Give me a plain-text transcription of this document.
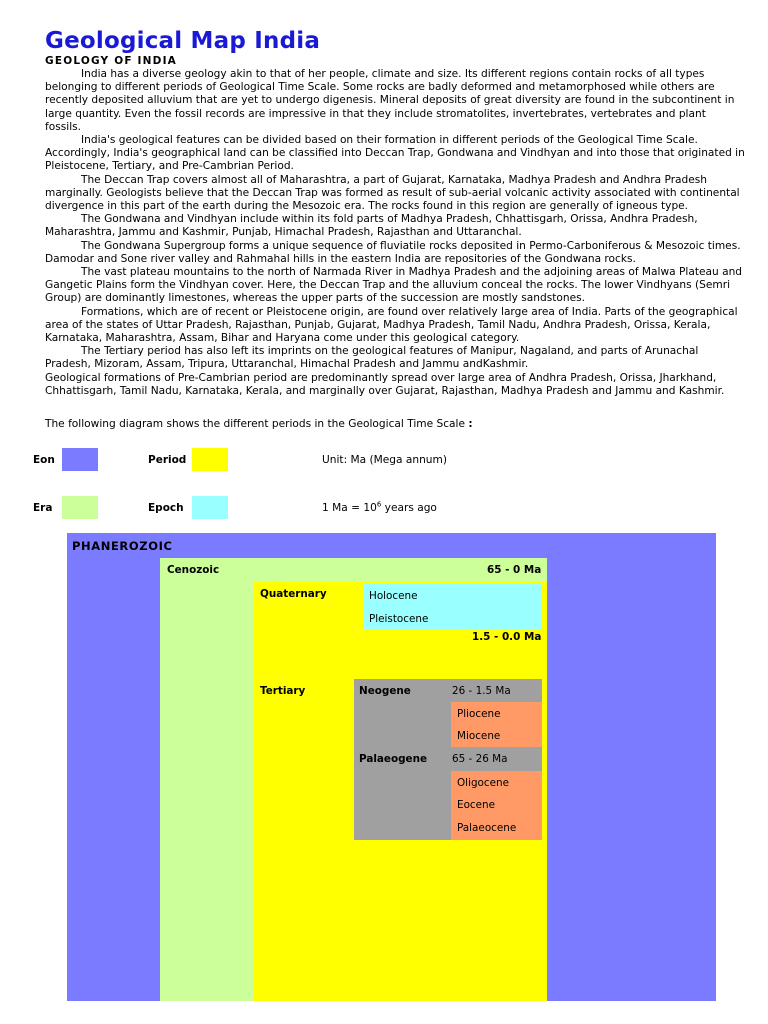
Geological Map India
GEOLOGY OF INDIA

India has a diverse geology akin to that of her people, climate and size. Its different regions contain rocks of all types belonging to different periods of Geological Time Scale. Some rocks are badly deformed and metamorphosed while others are recently deposited alluvium that are yet to undergo digenesis. Mineral deposits of great diversity are found in the subcontinent in large quantity. Even the fossil records are impressive in that they include stromatolites, invertebrates, vertebrates and plant fossils.

India's geological features can be divided based on their formation in different periods of the Geological Time Scale. Accordingly, India's geographical land can be classified into Deccan Trap, Gondwana and Vindhyan and into those that originated in Pleistocene, Tertiary, and Pre-Cambrian Period.

The Deccan Trap covers almost all of Maharashtra, a part of Gujarat, Karnataka, Madhya Pradesh and Andhra Pradesh marginally. Geologists believe that the Deccan Trap was formed as result of sub-aerial volcanic activity associated with continental divergence in this part of the earth during the Mesozoic era. The rocks found in this region are generally of igneous type.

The Gondwana and Vindhyan include within its fold parts of Madhya Pradesh, Chhattisgarh, Orissa, Andhra Pradesh, Maharashtra, Jammu and Kashmir, Punjab, Himachal Pradesh, Rajasthan and Uttaranchal.

The Gondwana Supergroup forms a unique sequence of fluviatile rocks deposited in Permo-Carboniferous & Mesozoic times. Damodar and Sone river valley and Rahmahal hills in the eastern India are repositories of the Gondwana rocks.

The vast plateau mountains to the north of Narmada River in Madhya Pradesh and the adjoining areas of Malwa Plateau and Gangetic Plains form the Vindhyan cover. Here, the Deccan Trap and the alluvium conceal the rocks. The lower Vindhyans (Semri Group) are dominantly limestones, whereas the upper parts of the succession are mostly sandstones.

Formations, which are of recent or Pleistocene origin, are found over relatively large area of India. Parts of the geographical area of the states of Uttar Pradesh, Rajasthan, Punjab, Gujarat, Madhya Pradesh, Tamil Nadu, Andhra Pradesh, Orissa, Kerala, Karnataka, Maharashtra, Assam, Bihar and Haryana come under this geological category.

The Tertiary period has also left its imprints on the geological features of Manipur, Nagaland, and parts of Arunachal Pradesh, Mizoram, Assam, Tripura, Uttaranchal, Himachal Pradesh and Jammu andKashmir.

Geological formations of Pre-Cambrian period are predominantly spread over large area of Andhra Pradesh, Orissa, Jharkhand, Chhattisgarh, Tamil Nadu, Karnataka, Kerala, and marginally over Gujarat, Rajasthan, Madhya Pradesh and Jammu and Kashmir.

The following diagram shows the different periods in the Geological Time Scale :
Eon	Period	Unit: Ma (Mega annum)
Era	Epoch	1 $Ma = 10^6$ years ago
PHANEROZOIC
Cenozoic	65 - 0 Ma
Quaternary	Holocene
Pleistocene
1.5 - 0.0 Ma
Tertiary	Neogene	26 - 1.5 Ma
Pliocene
Miocene
Palaeogene 65 - 26 Ma
Oligocene
Eocene
Palaeocene
